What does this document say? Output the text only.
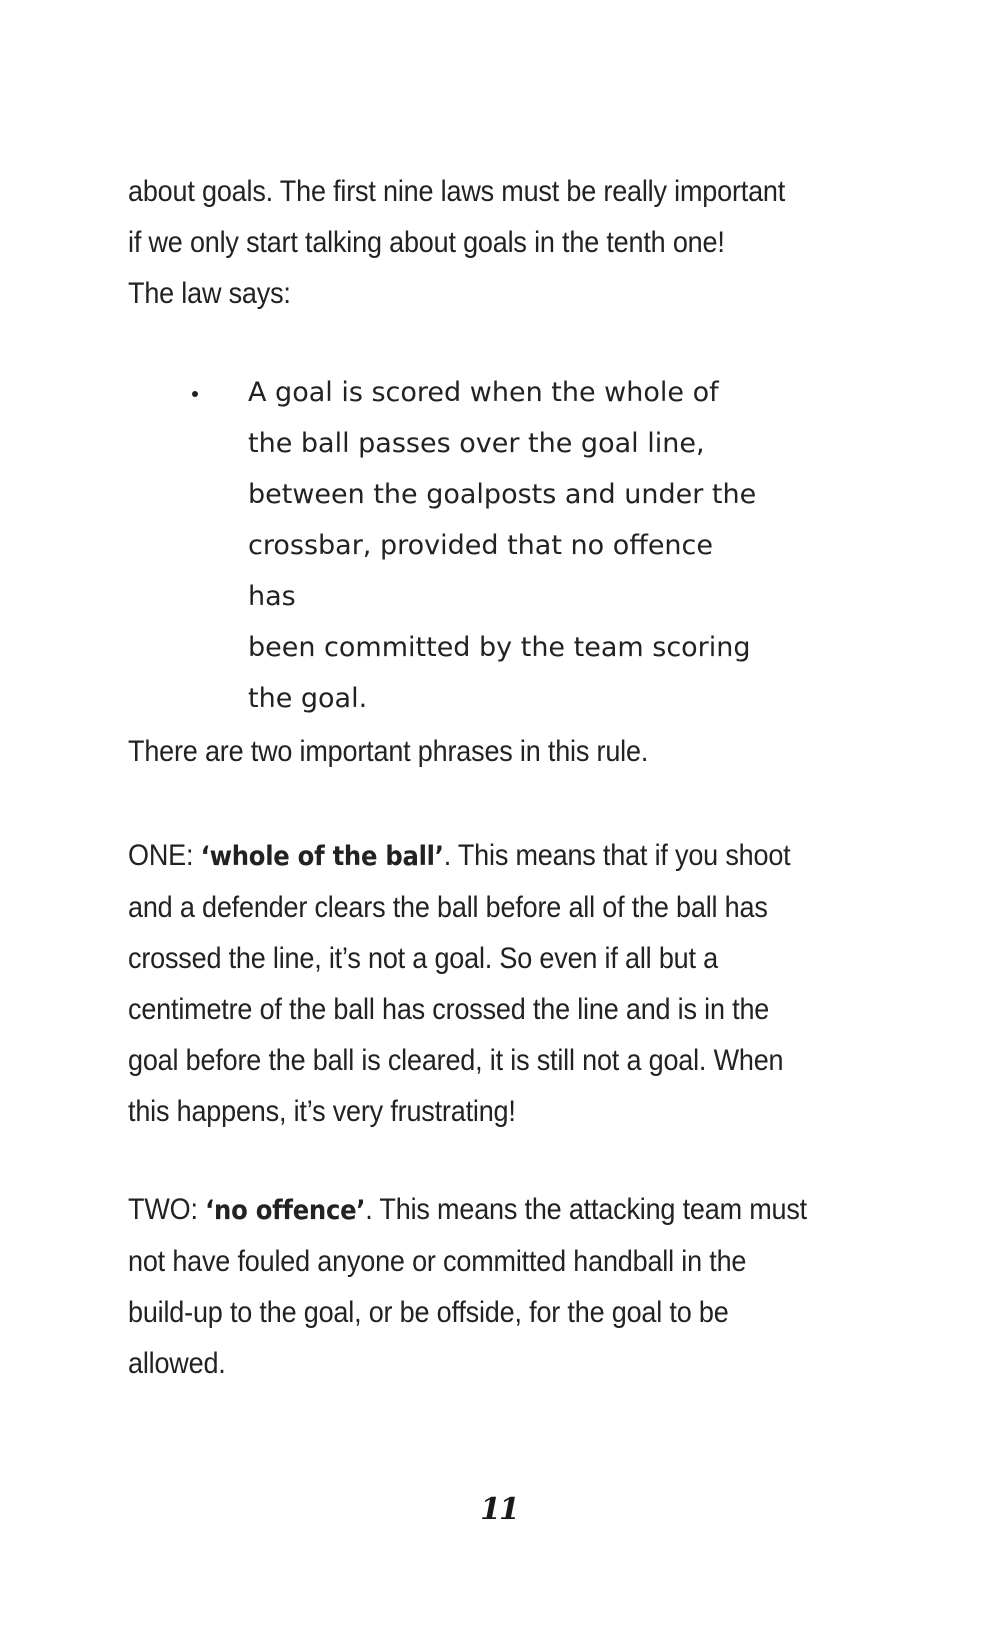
about goals. The first nine laws must be really important

if we only start talking about goals in the tenth one!

The law says:

A goal is scored when the whole of
the ball passes over the goal line,
between the goalposts and under the
crossbar, provided that no offence has
been committed by the team scoring
the goal.

There are two important phrases in this rule.

ONE: ‘whole of the ball’. This means that if you shoot

and a defender clears the ball before all of the ball has

crossed the line, it’s not a goal. So even if all but a

centimetre of the ball has crossed the line and is in the

goal before the ball is cleared, it is still not a goal. When

this happens, it’s very frustrating!

TWO: ‘no offence’. This means the attacking team must

not have fouled anyone or committed handball in the

build-up to the goal, or be offside, for the goal to be

allowed.

11
